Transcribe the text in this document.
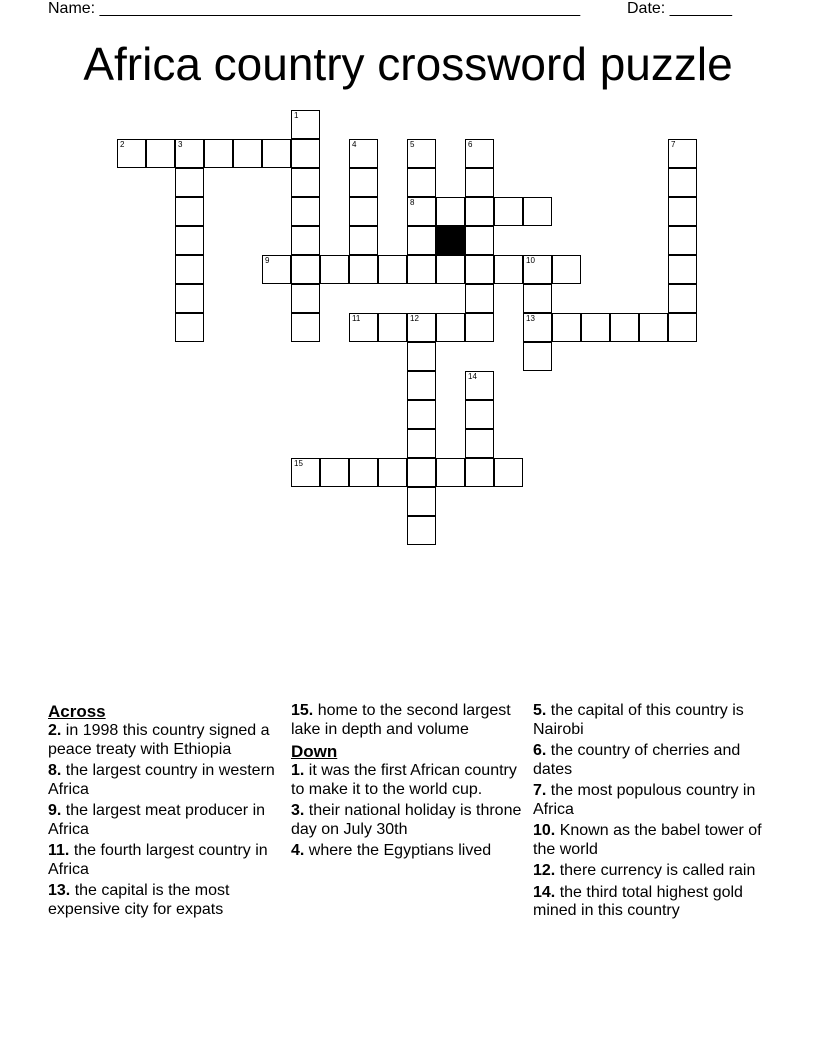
Name: ______________________________________________________	Date: _______
Africa country crossword puzzle
1
2	3	4	5	6	7
8
9	10
11	12	13
14
15

Across

2. in 1998 this country signed a peace treaty with Ethiopia

8. the largest country in western Africa

9. the largest meat producer in Africa

11. the fourth largest country in Africa

13. the capital is the most expensive city for expats

15. home to the second largest lake in depth and volume

Down

1. it was the first African country to make it to the world cup.

3. their national holiday is throne day on July 30th

4. where the Egyptians lived

5. the capital of this country is Nairobi

6. the country of cherries and dates

7. the most populous country in Africa

10. Known as the babel tower of the world

12. there currency is called rain

14. the third total highest gold mined in this country
